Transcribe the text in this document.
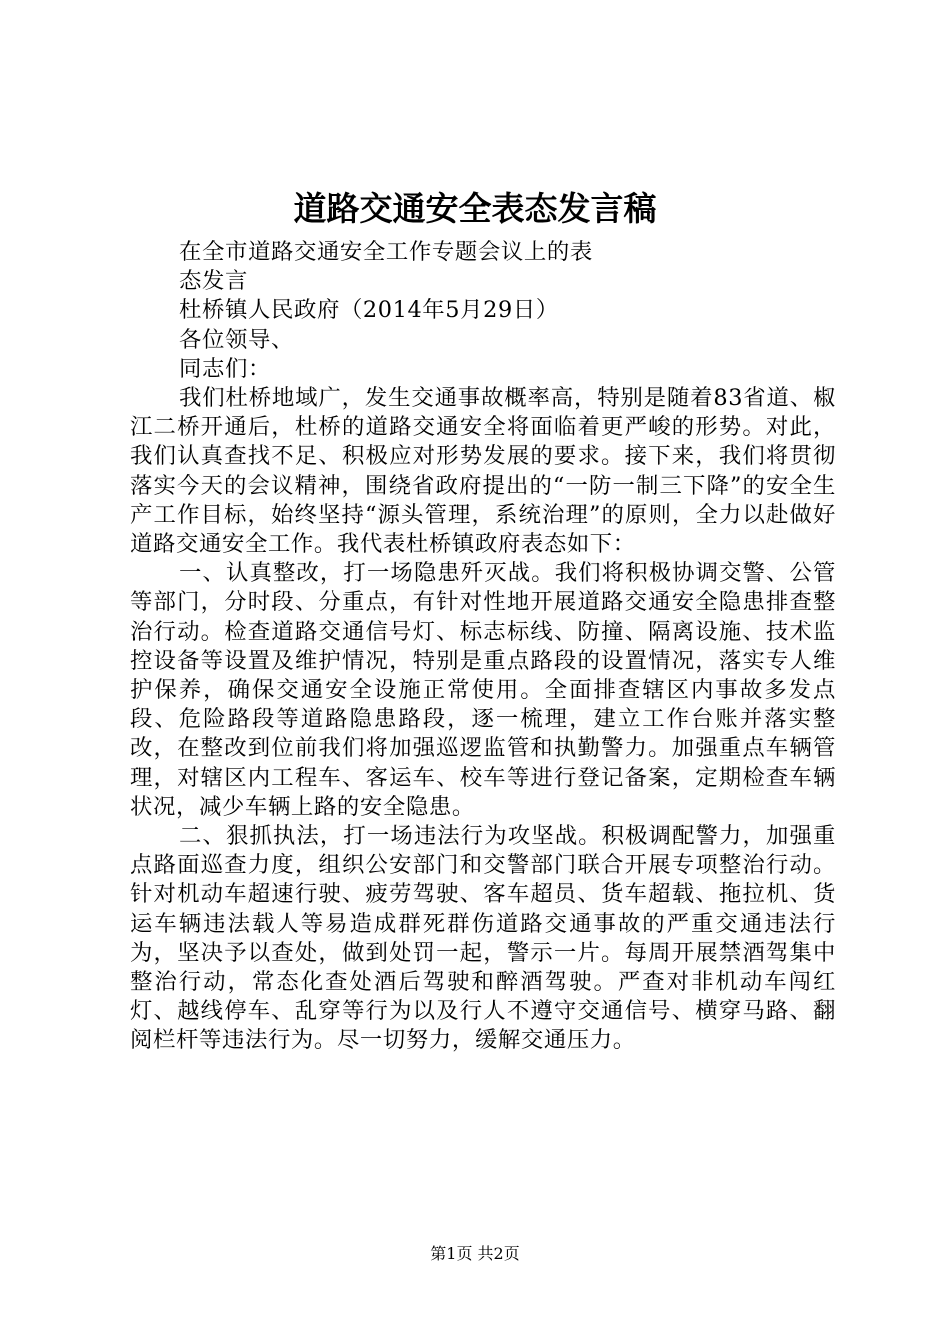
道路交通安全表态发言稿

在全市道路交通安全工作专题会议上的表

态发言

杜桥镇人民政府（2014年5月29日）

各位领导、

同志们：

我们杜桥地域广，发生交通事故概率高，特别是随着83省道、椒江二桥开通后，杜桥的道路交通安全将面临着更严峻的形势。对此，我们认真查找不足、积极应对形势发展的要求。接下来，我们将贯彻落实今天的会议精神，围绕省政府提出的“一防一制三下降”的安全生产工作目标，始终坚持“源头管理，系统治理”的原则，全力以赴做好道路交通安全工作。我代表杜桥镇政府表态如下：

一、认真整改，打一场隐患歼灭战。我们将积极协调交警、公管等部门，分时段、分重点，有针对性地开展道路交通安全隐患排查整治行动。检查道路交通信号灯、标志标线、防撞、隔离设施、技术监控设备等设置及维护情况，特别是重点路段的设置情况，落实专人维护保养，确保交通安全设施正常使用。全面排查辖区内事故多发点段、危险路段等道路隐患路段，逐一梳理，建立工作台账并落实整改，在整改到位前我们将加强巡逻监管和执勤警力。加强重点车辆管理，对辖区内工程车、客运车、校车等进行登记备案，定期检查车辆状况，减少车辆上路的安全隐患。

二、狠抓执法，打一场违法行为攻坚战。积极调配警力，加强重点路面巡查力度，组织公安部门和交警部门联合开展专项整治行动。针对机动车超速行驶、疲劳驾驶、客车超员、货车超载、拖拉机、货运车辆违法载人等易造成群死群伤道路交通事故的严重交通违法行为，坚决予以查处，做到处罚一起，警示一片。每周开展禁酒驾集中整治行动，常态化查处酒后驾驶和醉酒驾驶。严查对非机动车闯红灯、越线停车、乱穿等行为以及行人不遵守交通信号、横穿马路、翻阅栏杆等违法行为。尽一切努力，缓解交通压力。

第1页 共2页
